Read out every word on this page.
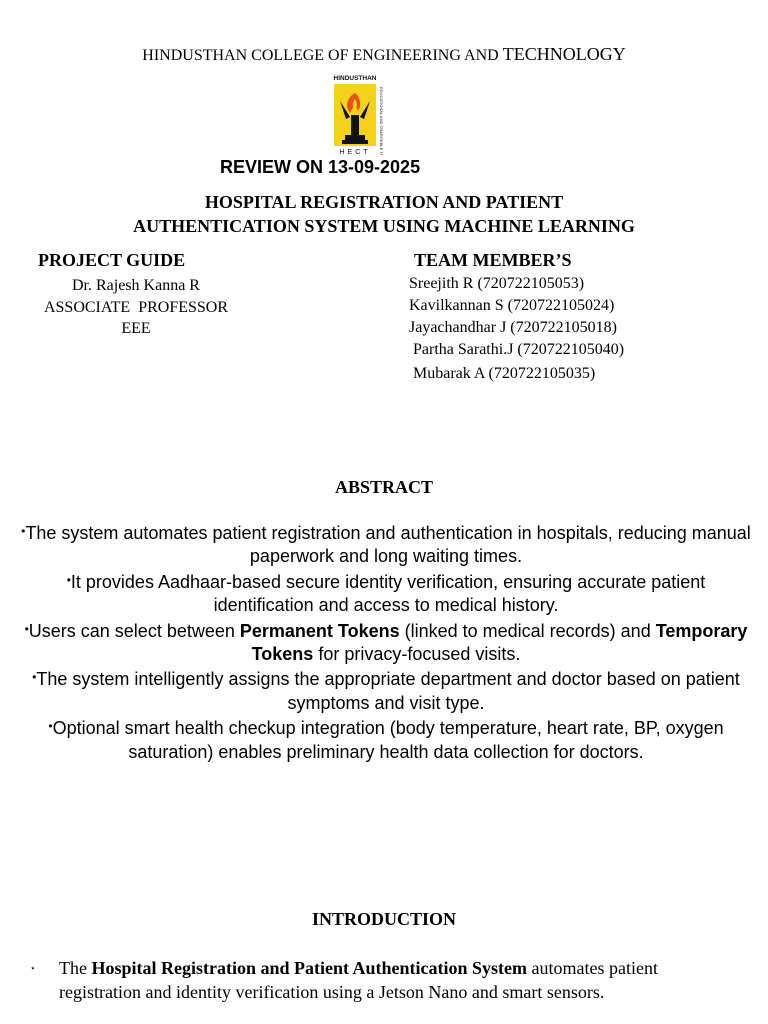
HINDUSTHAN COLLEGE OF ENGINEERING AND TECHNOLOGY
HINDUSTHAN
EDUCATIONAL AND CHARITABLE TRUST
HECT
REVIEW ON 13-09-2025
HOSPITAL REGISTRATION AND PATIENT
AUTHENTICATION SYSTEM USING MACHINE LEARNING
PROJECT GUIDE
Dr. Rajesh Kanna R
ASSOCIATE  PROFESSOR
EEE
TEAM MEMBER’S
Sreejith R (720722105053)
Kavilkannan S (720722105024)
Jayachandhar J (720722105018)
Partha Sarathi.J (720722105040)
Mubarak A (720722105035)
ABSTRACT
•The system automates patient registration and authentication in hospitals, reducing manual paperwork and long waiting times.
•It provides Aadhaar-based secure identity verification, ensuring accurate patient identification and access to medical history.
•Users can select between Permanent Tokens (linked to medical records) and Temporary Tokens for privacy-focused visits.
•The system intelligently assigns the appropriate department and doctor based on patient symptoms and visit type.
•Optional smart health checkup integration (body temperature, heart rate, BP, oxygen saturation) enables preliminary health data collection for doctors.
INTRODUCTION
⋆ The Hospital Registration and Patient Authentication System automates patient registration and identity verification using a Jetson Nano and smart sensors.
